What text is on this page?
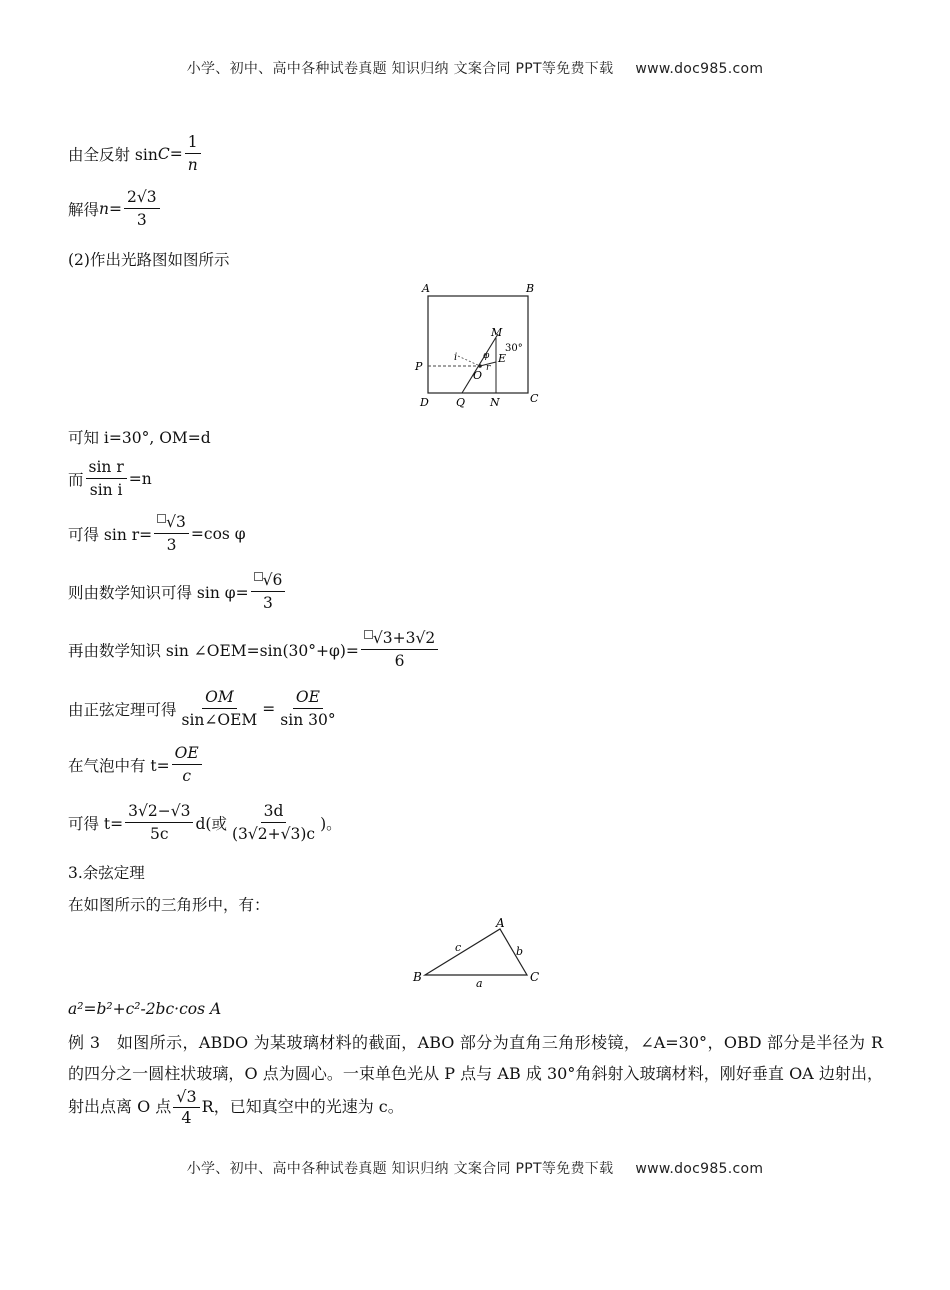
小学、初中、高中各种试卷真题 知识归纳 文案合同 PPT等免费下载 www.doc985.com
由全反射 $\sin C = \frac{1}{n}$
解得 $n = \frac{2√3}{3}$
(2)作出光路图如图所示
A	B
C
D
M
30°
P
i	φ
r
E
O
Q N
可知 i=30°, OM=d
而 $\frac{\text{sin r}}{\text{sin i}} =n$
可得 $\sin r= \frac{√3}{3} =\cos$ φ
则由数学知识可得 $\sin \varphi= \frac{√6}{3}$
再由数学知识 sin ∠OEM=sin(30°+φ)= $\frac{√3+3√2}{6}$
由正弦定理可得 $\frac{OM}{\text{sin∠OEM}} = \frac{OE}{\sin 30^\circ}$
在气泡中有 $t= \frac{OE}{c}$
可得 $t= \frac{3√2-√3}{5c} d$(或 $\frac{3d}{(3√2+√3)c}$ )。
3.余弦定理
在如图所示的三角形中，有：
A
B	C
a
b
c
a²=b²+c²-2bc·cos A
例 3　如图所示，ABDO 为某玻璃材料的截面，ABO 部分为直角三角形棱镜，∠A=30°，OBD 部分是半径为 R 的四分之一圆柱状玻璃，O 点为圆心。一束单色光从 P 点与 AB 成 30°角斜射入玻璃材料，刚好垂直 OA 边射出，射出点离 O 点 $\frac{√3}{4}$ R，已知真空中的光速为 c。
小学、初中、高中各种试卷真题 知识归纳 文案合同 PPT等免费下载 www.doc985.com
